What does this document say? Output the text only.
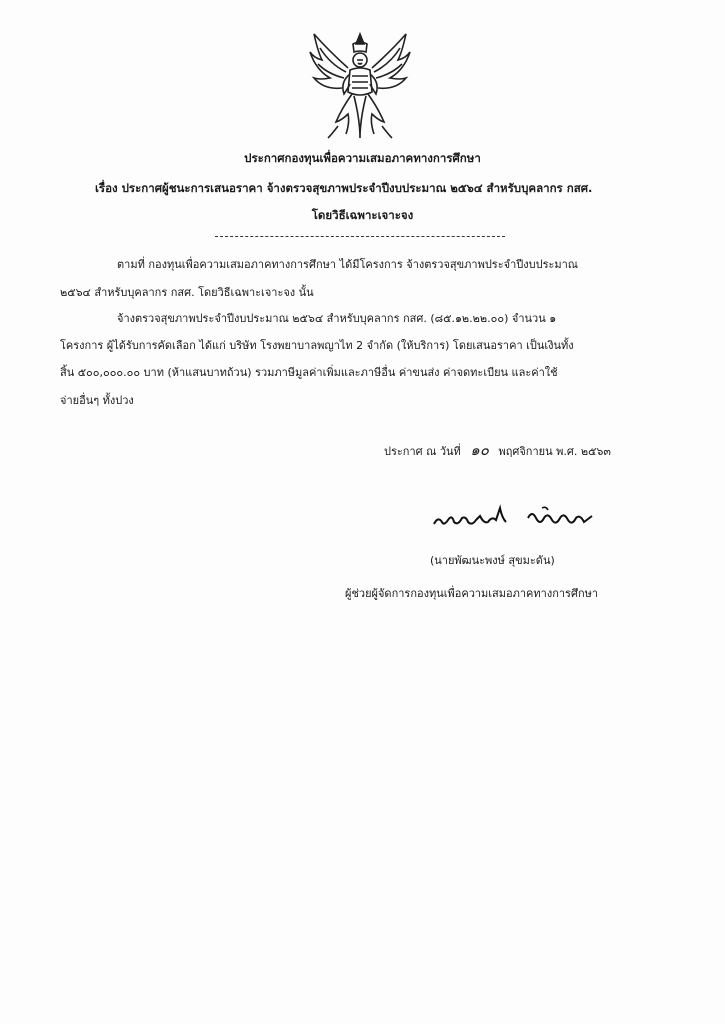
ประกาศกองทุนเพื่อความเสมอภาคทางการศึกษา
เรื่อง ประกาศผู้ชนะการเสนอราคา จ้างตรวจสุขภาพประจำปีงบประมาณ ๒๕๖๔ สำหรับบุคลากร กสศ.
โดยวิธีเฉพาะเจาะจง
ตามที่ กองทุนเพื่อความเสมอภาคทางการศึกษา ได้มีโครงการ จ้างตรวจสุขภาพประจำปีงบประมาณ
๒๕๖๔ สำหรับบุคลากร กสศ. โดยวิธีเฉพาะเจาะจง นั้น
จ้างตรวจสุขภาพประจำปีงบประมาณ ๒๕๖๔ สำหรับบุคลากร กสศ. (๘๕.๑๒.๒๒.๐๐) จำนวน ๑
โครงการ ผู้ได้รับการคัดเลือก ได้แก่ บริษัท โรงพยาบาลพญาไท 2 จำกัด (ให้บริการ) โดยเสนอราคา เป็นเงินทั้ง
สิ้น ๕๐๐,๐๐๐.๐๐ บาท (ห้าแสนบาทถ้วน) รวมภาษีมูลค่าเพิ่มและภาษีอื่น ค่าขนส่ง ค่าจดทะเบียน และค่าใช้
จ่ายอื่นๆ ทั้งปวง
ประกาศ ณ วันที่ ๑๐ พฤศจิกายน พ.ศ. ๒๕๖๓
(นายพัฒนะพงษ์ สุขมะดัน)
ผู้ช่วยผู้จัดการกองทุนเพื่อความเสมอภาคทางการศึกษา
